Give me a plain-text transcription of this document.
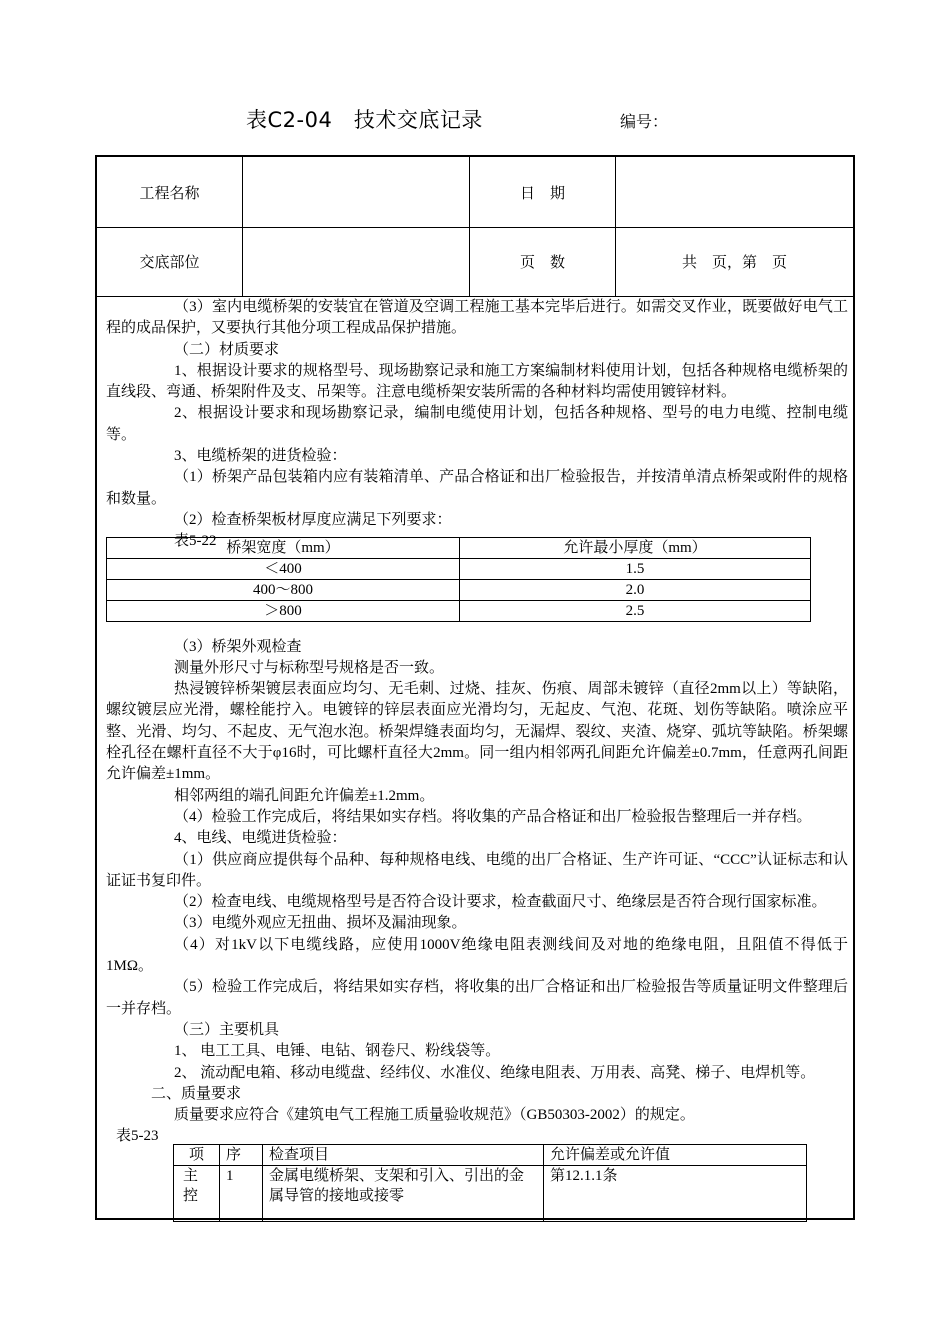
表C2-04　技术交底记录	编号：
工程名称	日　期
交底部位	页　数	共　页，第　页

（3）室内电缆桥架的安装宜在管道及空调工程施工基本完毕后进行。如需交叉作业，既要做好电气工程的成品保护，又要执行其他分项工程成品保护措施。

（二）材质要求

1、根据设计要求的规格型号、现场勘察记录和施工方案编制材料使用计划，包括各种规格电缆桥架的直线段、弯通、桥架附件及支、吊架等。注意电缆桥架安装所需的各种材料均需使用镀锌材料。

2、根据设计要求和现场勘察记录，编制电缆使用计划，包括各种规格、型号的电力电缆、控制电缆等。

3、电缆桥架的进货检验：

（1）桥架产品包装箱内应有装箱清单、产品合格证和出厂检验报告，并按清单清点桥架或附件的规格和数量。

（2）检查桥架板材厚度应满足下列要求：

表5-22

（3）桥架外观检查

测量外形尺寸与标称型号规格是否一致。

热浸镀锌桥架镀层表面应均匀、无毛刺、过烧、挂灰、伤痕、周部未镀锌（直径2mm以上）等缺陷，螺纹镀层应光滑，螺栓能拧入。电镀锌的锌层表面应光滑均匀，无起皮、气泡、花斑、划伤等缺陷。喷涂应平整、光滑、均匀、不起皮、无气泡水泡。桥架焊缝表面均匀，无漏焊、裂纹、夹渣、烧穿、弧坑等缺陷。桥架螺栓孔径在螺杆直径不大于φ16时，可比螺杆直径大2mm。同一组内相邻两孔间距允许偏差±0.7mm，任意两孔间距允许偏差±1mm。

相邻两组的端孔间距允许偏差±1.2mm。

（4）检验工作完成后，将结果如实存档。将收集的产品合格证和出厂检验报告整理后一并存档。

4、电线、电缆进货检验：

（1）供应商应提供每个品种、每种规格电线、电缆的出厂合格证、生产许可证、“CCC”认证标志和认证证书复印件。

（2）检查电线、电缆规格型号是否符合设计要求，检查截面尺寸、绝缘层是否符合现行国家标准。

（3）电缆外观应无扭曲、损坏及漏油现象。

（4）对1kV以下电缆线路，应使用1000V绝缘电阻表测线间及对地的绝缘电阻，且阻值不得低于1MΩ。

（5）检验工作完成后，将结果如实存档，将收集的出厂合格证和出厂检验报告等质量证明文件整理后一并存档。

（三）主要机具

1、 电工工具、电锤、电钻、钢卷尺、粉线袋等。

2、 流动配电箱、移动电缆盘、经纬仪、水准仪、绝缘电阻表、万用表、高凳、梯子、电焊机等。

二、质量要求

质量要求应符合《建筑电气工程施工质量验收规范》（GB50303-2002）的规定。

表5-23

桥架宽度（mm）	允许最小厚度（mm）
＜400	1.5
400～800	2.0
＞800	2.5
项	序	检查项目	允许偏差或允许值
主控	1	金属电缆桥架、支架和引入、引出的金属导管的接地或接零	第12.1.1条
